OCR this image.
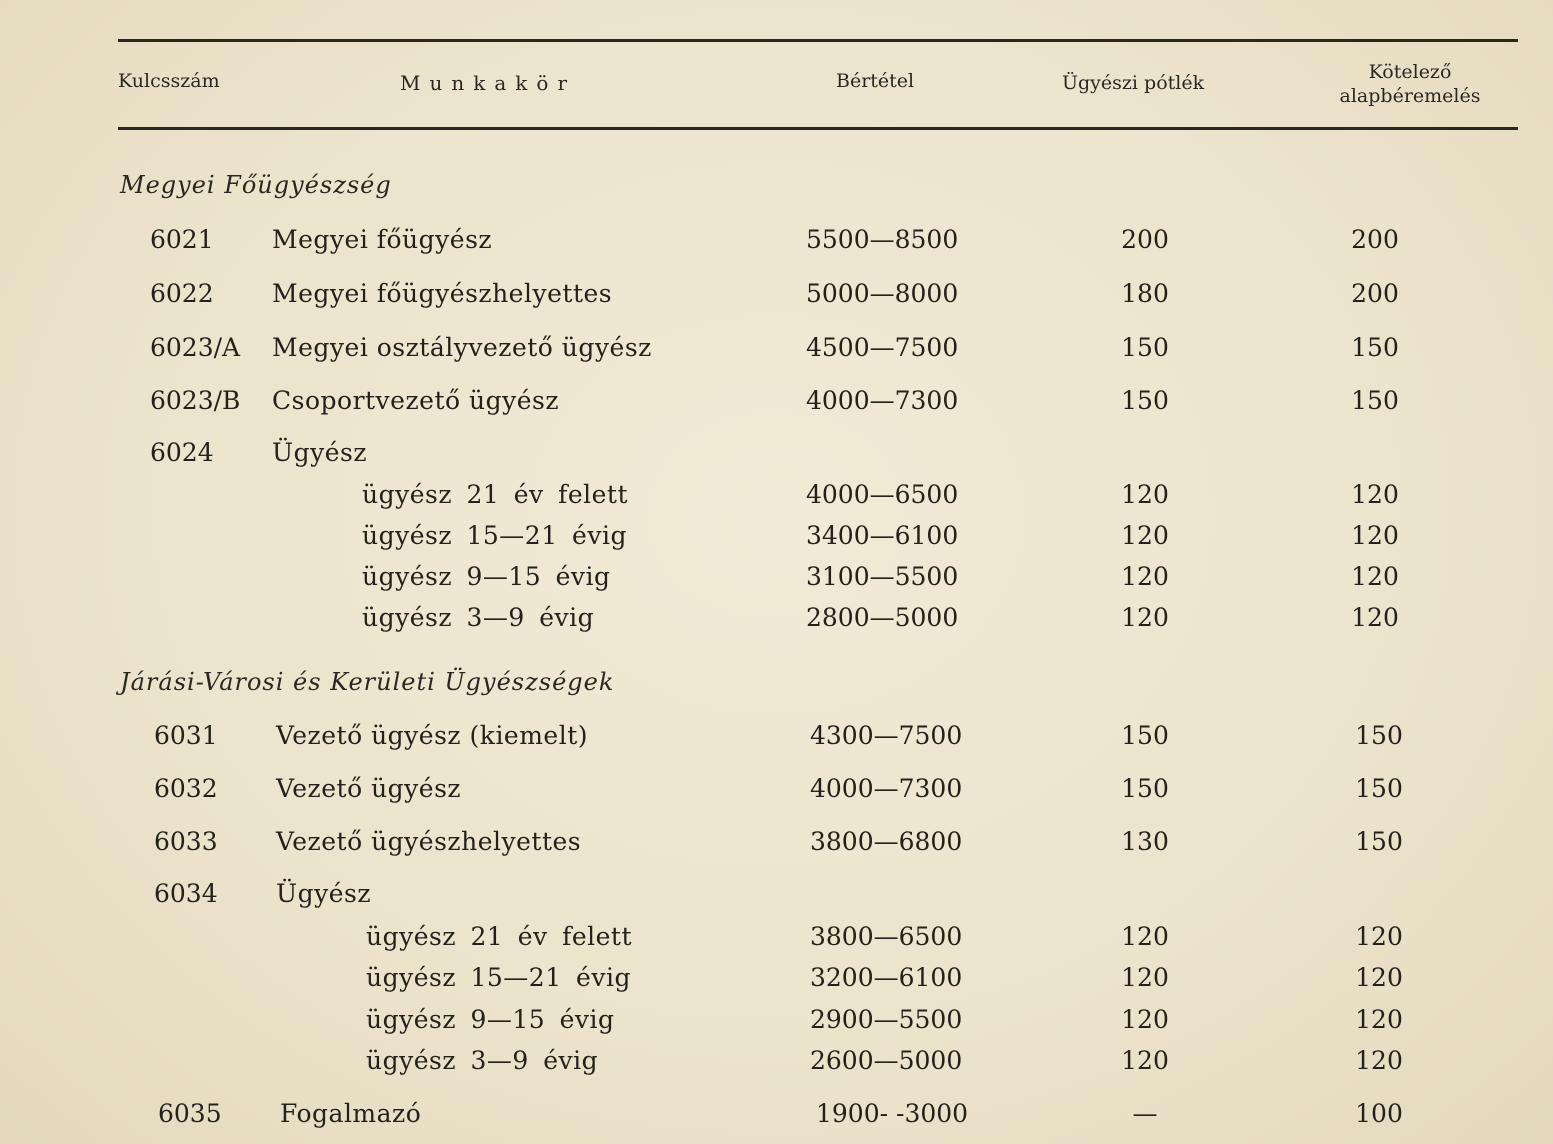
Kulcsszám	Munkakör	Bértétel	Ügyészi pótlék	Kötelező
alapbéremelés
Megyei Főügyészség
6021 Megyei főügyész	5500—8500	200	200
6022 Megyei főügyészhelyettes	5000—8000	180	200
6023/A Megyei osztályvezető ügyész	4500—7500	150	150
6023/B Csoportvezető ügyész	4000—7300	150	150
6024 Ügyész
ügyész 21 év felett	4000—6500	120	120
ügyész 15—21 évig	3400—6100	120	120
ügyész 9—15 évig	3100—5500	120	120
ügyész 3—9 évig	2800—5000	120	120
Járási-Városi és Kerületi Ügyészségek
6031 Vezető ügyész (kiemelt)	4300—7500	150	150
6032 Vezető ügyész	4000—7300	150	150
6033 Vezető ügyészhelyettes	3800—6800	130	150
6034 Ügyész
ügyész 21 év felett	3800—6500	120	120
ügyész 15—21 évig	3200—6100	120	120
ügyész 9—15 évig	2900—5500	120	120
ügyész 3—9 évig	2600—5000	120	120
6035 Fogalmazó	1900- -3000	—	100
